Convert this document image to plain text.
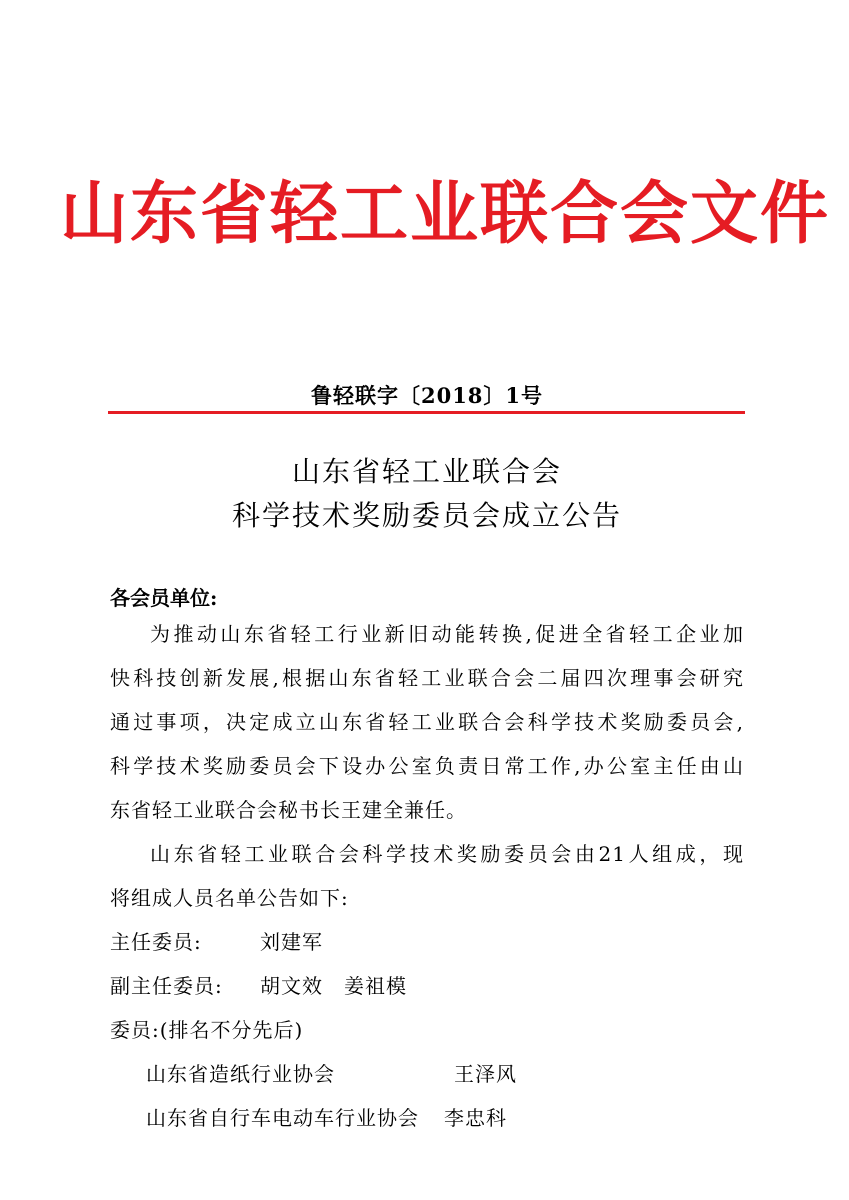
山东省轻工业联合会文件
鲁轻联字〔2018〕1号
山东省轻工业联合会
科学技术奖励委员会成立公告
各会员单位:
为推动山东省轻工行业新旧动能转换,促进全省轻工企业加
快科技创新发展,根据山东省轻工业联合会二届四次理事会研究
通过事项，决定成立山东省轻工业联合会科学技术奖励委员会,
科学技术奖励委员会下设办公室负责日常工作,办公室主任由山
东省轻工业联合会秘书长王建全兼任。
山东省轻工业联合会科学技术奖励委员会由21人组成，现
将组成人员名单公告如下:
主任委员:	刘建军
副主任委员: 胡文效　姜祖模
委员:(排名不分先后)
山东省造纸行业协会	王泽风
山东省自行车电动车行业协会 李忠科
